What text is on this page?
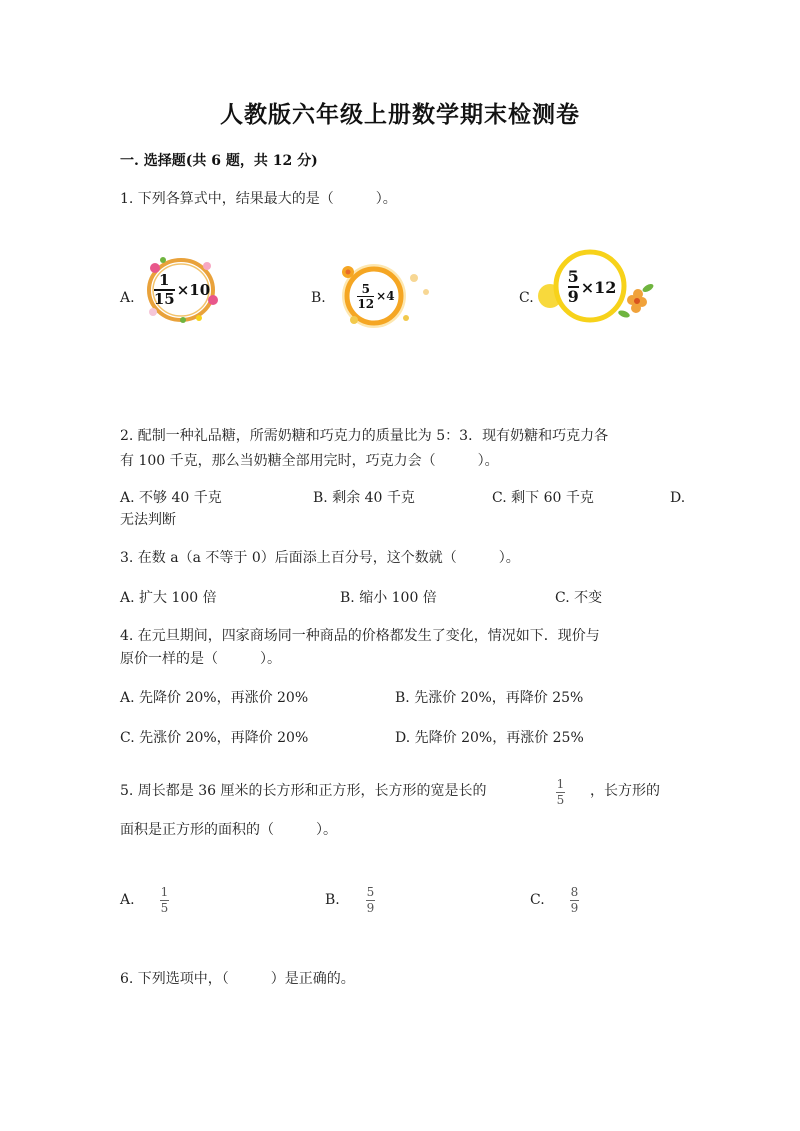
人教版六年级上册数学期末检测卷
一. 选择题(共 6 题，共 12 分)
1. 下列各算式中，结果最大的是（　　　）。
A.
1
15 ×10	B.
5
12
×4	C.
5
9 ×12
2. 配制一种礼品糖，所需奶糖和巧克力的质量比为 5：3．现有奶糖和巧克力各
有 100 千克，那么当奶糖全部用完时，巧克力会（　　　）。
A. 不够 40 千克	B. 剩余 40 千克	C. 剩下 60 千克	D.
无法判断
3. 在数 a（a 不等于 0）后面添上百分号，这个数就（　　　）。
A. 扩大 100 倍	B. 缩小 100 倍	C. 不变
4. 在元旦期间，四家商场同一种商品的价格都发生了变化，情况如下．现价与
原价一样的是（　　　）。
A. 先降价 20%，再涨价 20%	B. 先涨价 20%，再降价 25%
C. 先涨价 20%，再降价 20%	D. 先降价 20%，再涨价 25%
5. 周长都是 36 厘米的长方形和正方形，长方形的宽是长的	1
5
，长方形的
面积是正方形的面积的（　　　）。
A. 1
5	B. 5
9	C. 8
9
6. 下列选项中，（　　　）是正确的。
